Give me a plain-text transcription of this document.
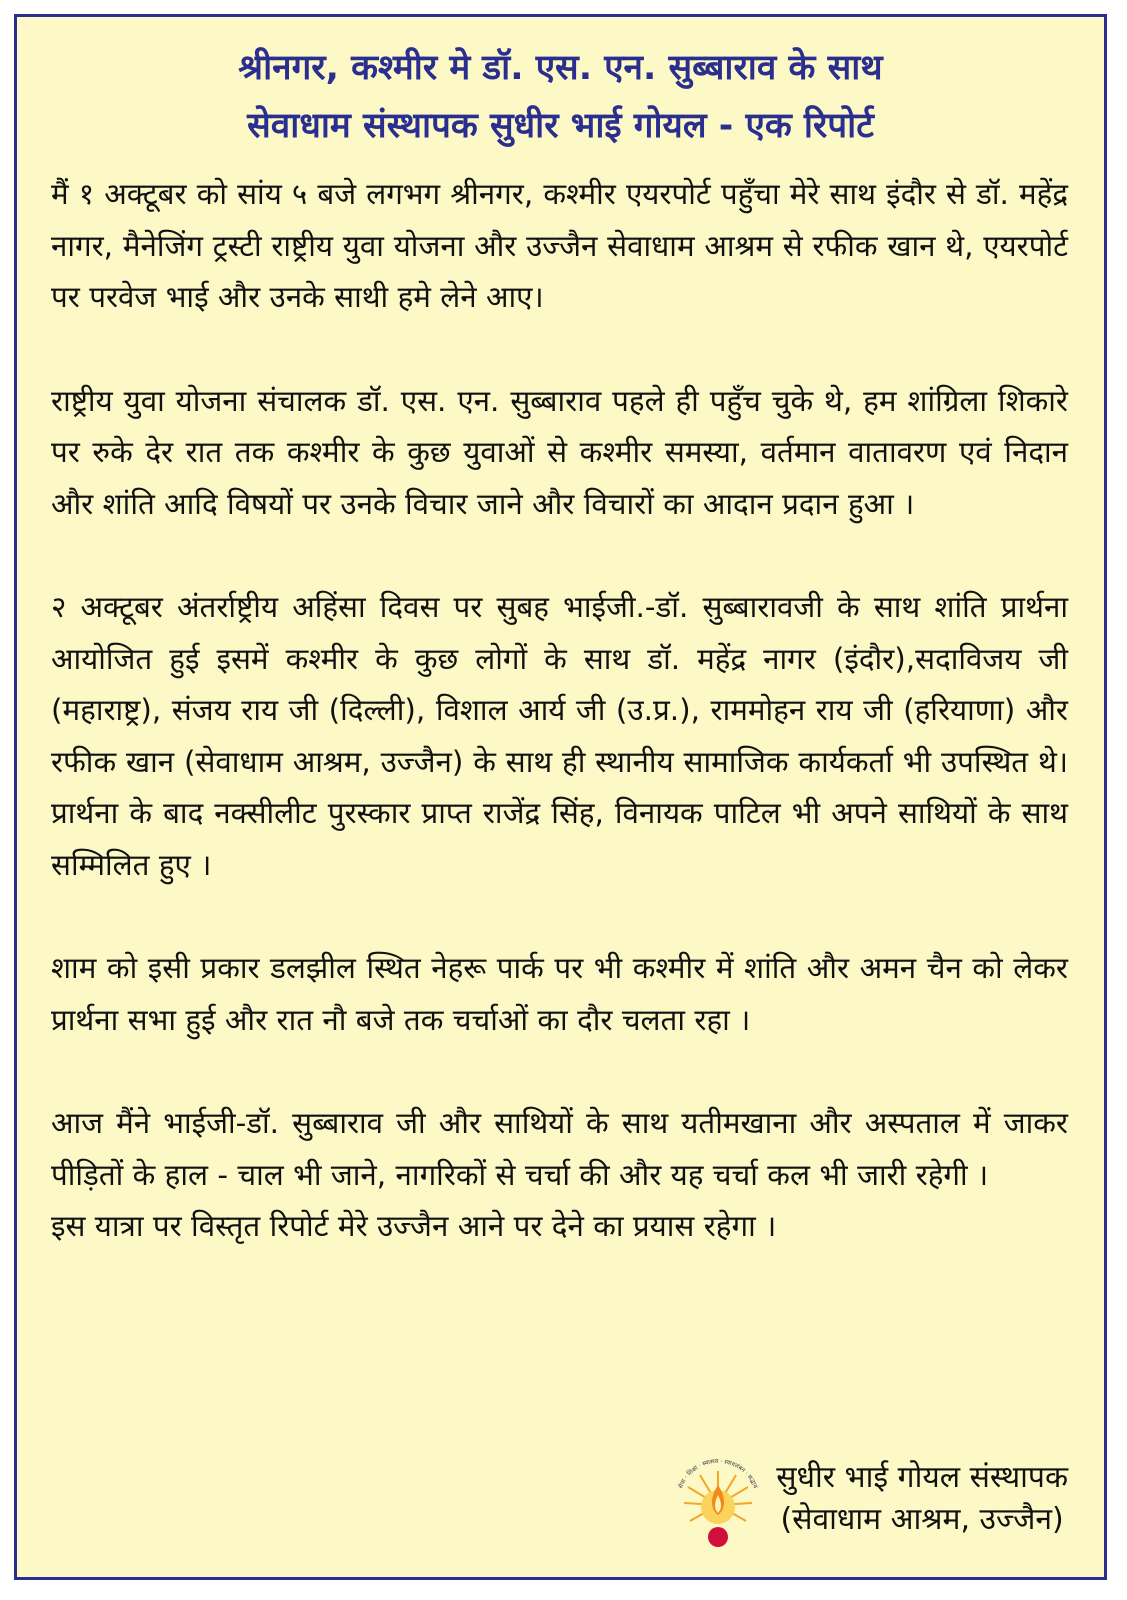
श्रीनगर, कश्मीर मे डॉ. एस. एन. सुब्बाराव के साथ
सेवाधाम संस्थापक सुधीर भाई गोयल - एक रिपोर्ट

मैं १ अक्टूबर को सांय ५ बजे लगभग श्रीनगर, कश्मीर एयरपोर्ट पहुँचा मेरे साथ इंदौर से डॉ. महेंद्र नागर, मैनेजिंग ट्रस्टी राष्ट्रीय युवा योजना और उज्जैन सेवाधाम आश्रम से रफीक खान थे, एयरपोर्ट पर परवेज भाई और उनके साथी हमे लेने आए।

राष्ट्रीय युवा योजना संचालक डॉ. एस. एन. सुब्बाराव पहले ही पहुँच चुके थे, हम शांग्रिला शिकारे पर रुके देर रात तक कश्मीर के कुछ युवाओं से कश्मीर समस्या, वर्तमान वातावरण एवं निदान और शांति आदि विषयों पर उनके विचार जाने और विचारों का आदान प्रदान हुआ ।

२ अक्टूबर अंतर्राष्ट्रीय अहिंसा दिवस पर सुबह भाईजी.-डॉ. सुब्बारावजी के साथ शांति प्रार्थना आयोजित हुई इसमें कश्मीर के कुछ लोगों के साथ डॉ. महेंद्र नागर (इंदौर),सदाविजय जी (महाराष्ट्र), संजय राय जी (दिल्ली), विशाल आर्य जी (उ.प्र.), राममोहन राय जी (हरियाणा) और रफीक खान (सेवाधाम आश्रम, उज्जैन) के साथ ही स्थानीय सामाजिक कार्यकर्ता भी उपस्थित थे। प्रार्थना के बाद नक्सीलीट पुरस्कार प्राप्त राजेंद्र सिंह, विनायक पाटिल भी अपने साथियों के साथ सम्मिलित हुए ।

शाम को इसी प्रकार डलझील स्थित नेहरू पार्क पर भी कश्मीर में शांति और अमन चैन को लेकर प्रार्थना सभा हुई और रात नौ बजे तक चर्चाओं का दौर चलता रहा ।

आज मैंने भाईजी-डॉ. सुब्बाराव जी और साथियों के साथ यतीमखाना और अस्पताल में जाकर पीड़ितों के हाल - चाल भी जाने, नागरिकों से चर्चा की और यह चर्चा कल भी जारी रहेगी ।

इस यात्रा पर विस्तृत रिपोर्ट मेरे उज्जैन आने पर देने का प्रयास रहेगा ।

सेवा · शिक्षा · स्वास्थ्य · स्वावलंबन · सद्भाव सुधीर भाई गोयल संस्थापक
(सेवाधाम आश्रम, उज्जैन)
